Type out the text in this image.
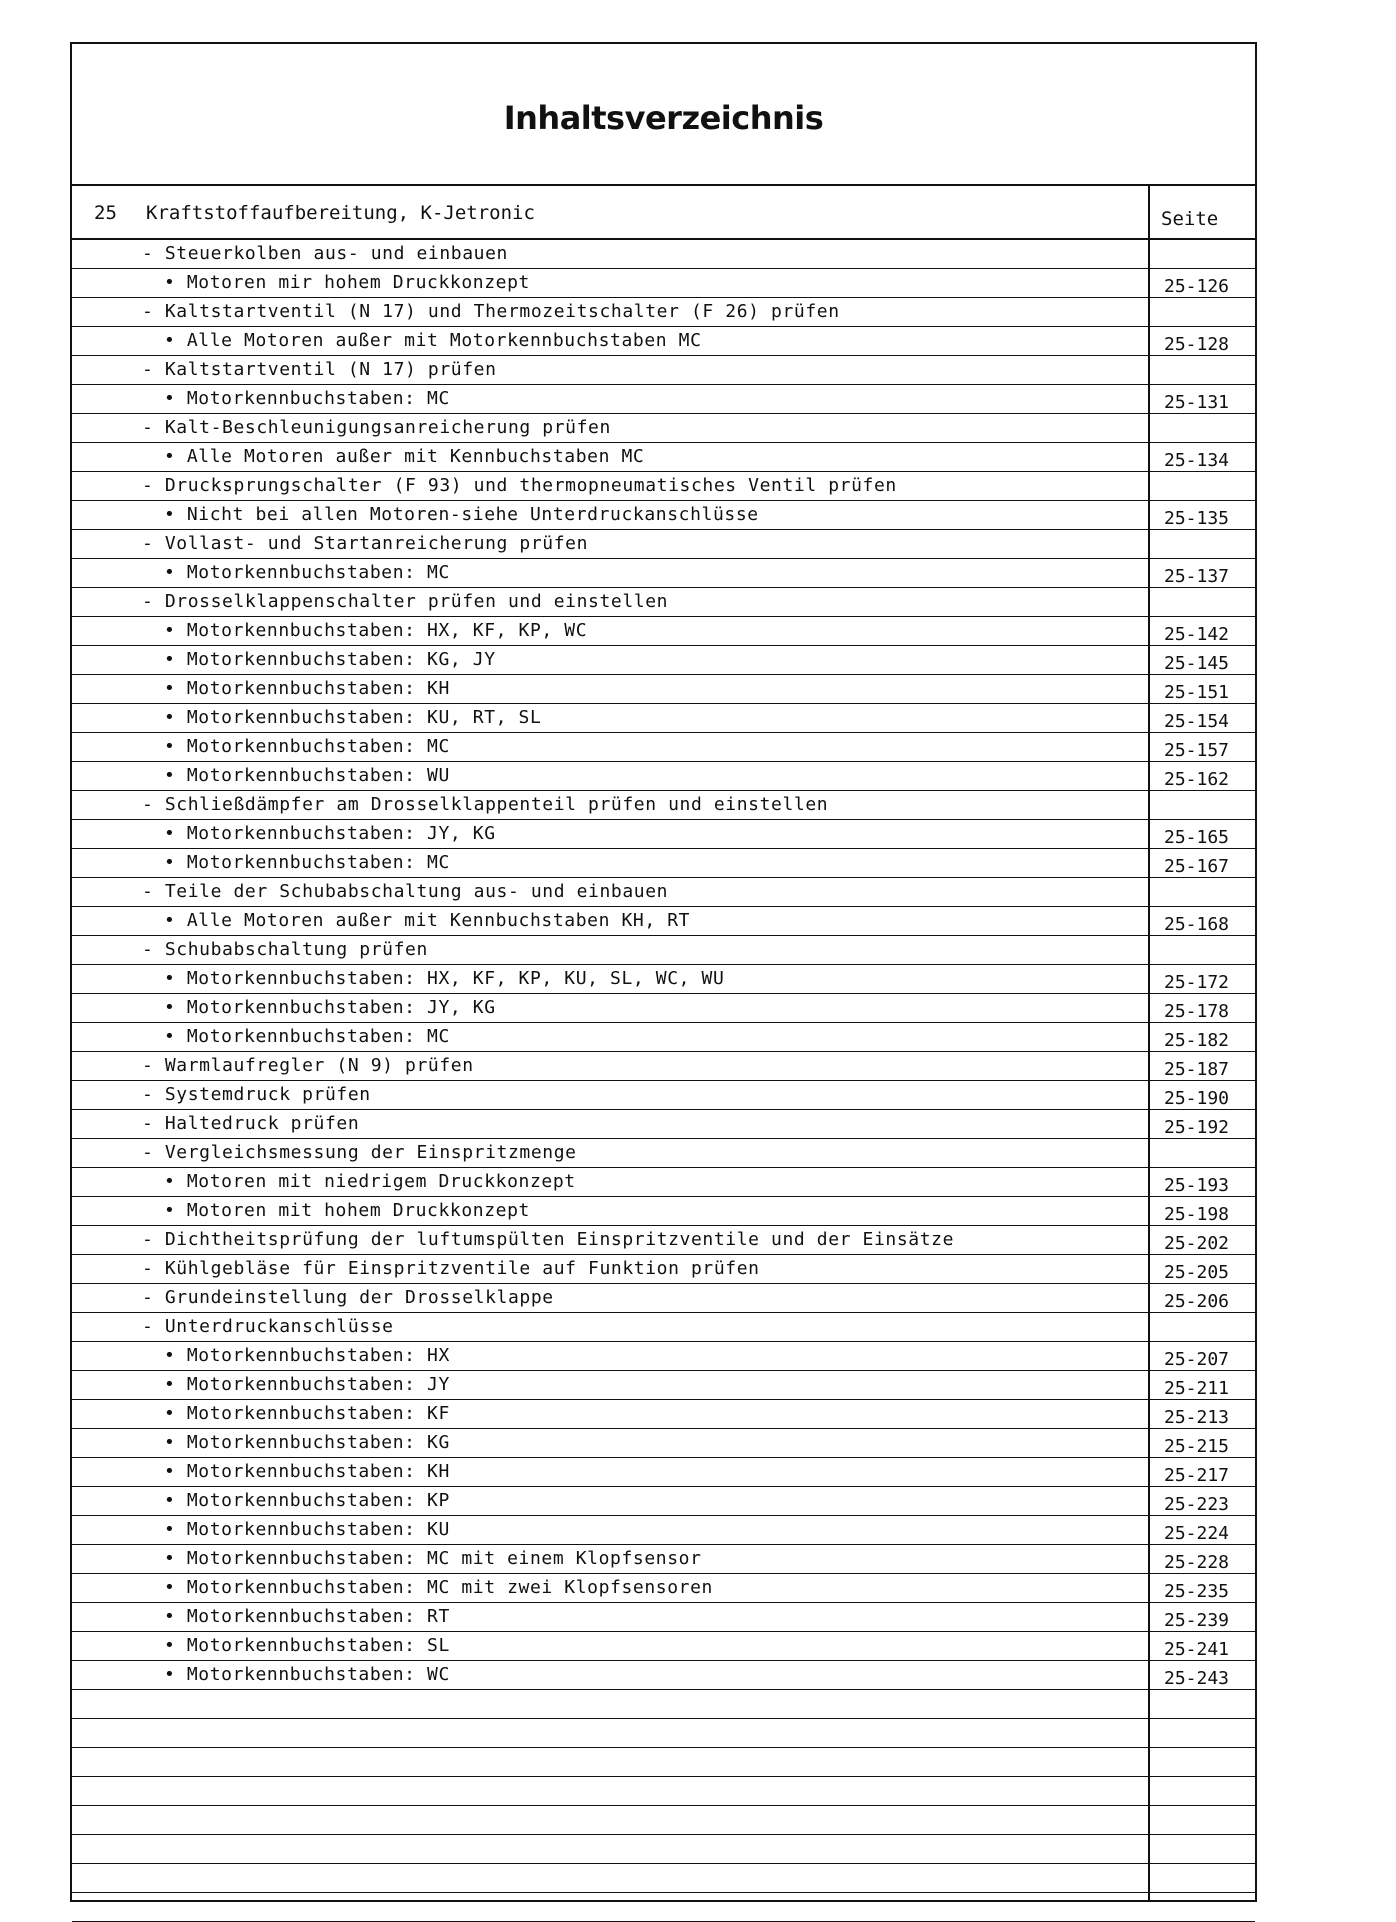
Inhaltsverzeichnis
25 Kraftstoffaufbereitung, K-Jetronic	Seite
- Steuerkolben aus- und einbauen
• Motoren mir hohem Druckkonzept	25-126
- Kaltstartventil (N 17) und Thermozeitschalter (F 26) prüfen
• Alle Motoren außer mit Motorkennbuchstaben MC	25-128
- Kaltstartventil (N 17) prüfen
• Motorkennbuchstaben: MC	25-131
- Kalt-Beschleunigungsanreicherung prüfen
• Alle Motoren außer mit Kennbuchstaben MC	25-134
- Drucksprungschalter (F 93) und thermopneumatisches Ventil prüfen
• Nicht bei allen Motoren-siehe Unterdruckanschlüsse	25-135
- Vollast- und Startanreicherung prüfen
• Motorkennbuchstaben: MC	25-137
- Drosselklappenschalter prüfen und einstellen
• Motorkennbuchstaben: HX, KF, KP, WC	25-142
• Motorkennbuchstaben: KG, JY	25-145
• Motorkennbuchstaben: KH	25-151
• Motorkennbuchstaben: KU, RT, SL	25-154
• Motorkennbuchstaben: MC	25-157
• Motorkennbuchstaben: WU	25-162
- Schließdämpfer am Drosselklappenteil prüfen und einstellen
• Motorkennbuchstaben: JY, KG	25-165
• Motorkennbuchstaben: MC	25-167
- Teile der Schubabschaltung aus- und einbauen
• Alle Motoren außer mit Kennbuchstaben KH, RT	25-168
- Schubabschaltung prüfen
• Motorkennbuchstaben: HX, KF, KP, KU, SL, WC, WU	25-172
• Motorkennbuchstaben: JY, KG	25-178
• Motorkennbuchstaben: MC	25-182
- Warmlaufregler (N 9) prüfen	25-187
- Systemdruck prüfen	25-190
- Haltedruck prüfen	25-192
- Vergleichsmessung der Einspritzmenge
• Motoren mit niedrigem Druckkonzept	25-193
• Motoren mit hohem Druckkonzept	25-198
- Dichtheitsprüfung der luftumspülten Einspritzventile und der Einsätze	25-202
- Kühlgebläse für Einspritzventile auf Funktion prüfen	25-205
- Grundeinstellung der Drosselklappe	25-206
- Unterdruckanschlüsse
• Motorkennbuchstaben: HX	25-207
• Motorkennbuchstaben: JY	25-211
• Motorkennbuchstaben: KF	25-213
• Motorkennbuchstaben: KG	25-215
• Motorkennbuchstaben: KH	25-217
• Motorkennbuchstaben: KP	25-223
• Motorkennbuchstaben: KU	25-224
• Motorkennbuchstaben: MC mit einem Klopfsensor	25-228
• Motorkennbuchstaben: MC mit zwei Klopfsensoren	25-235
• Motorkennbuchstaben: RT	25-239
• Motorkennbuchstaben: SL	25-241
• Motorkennbuchstaben: WC	25-243
